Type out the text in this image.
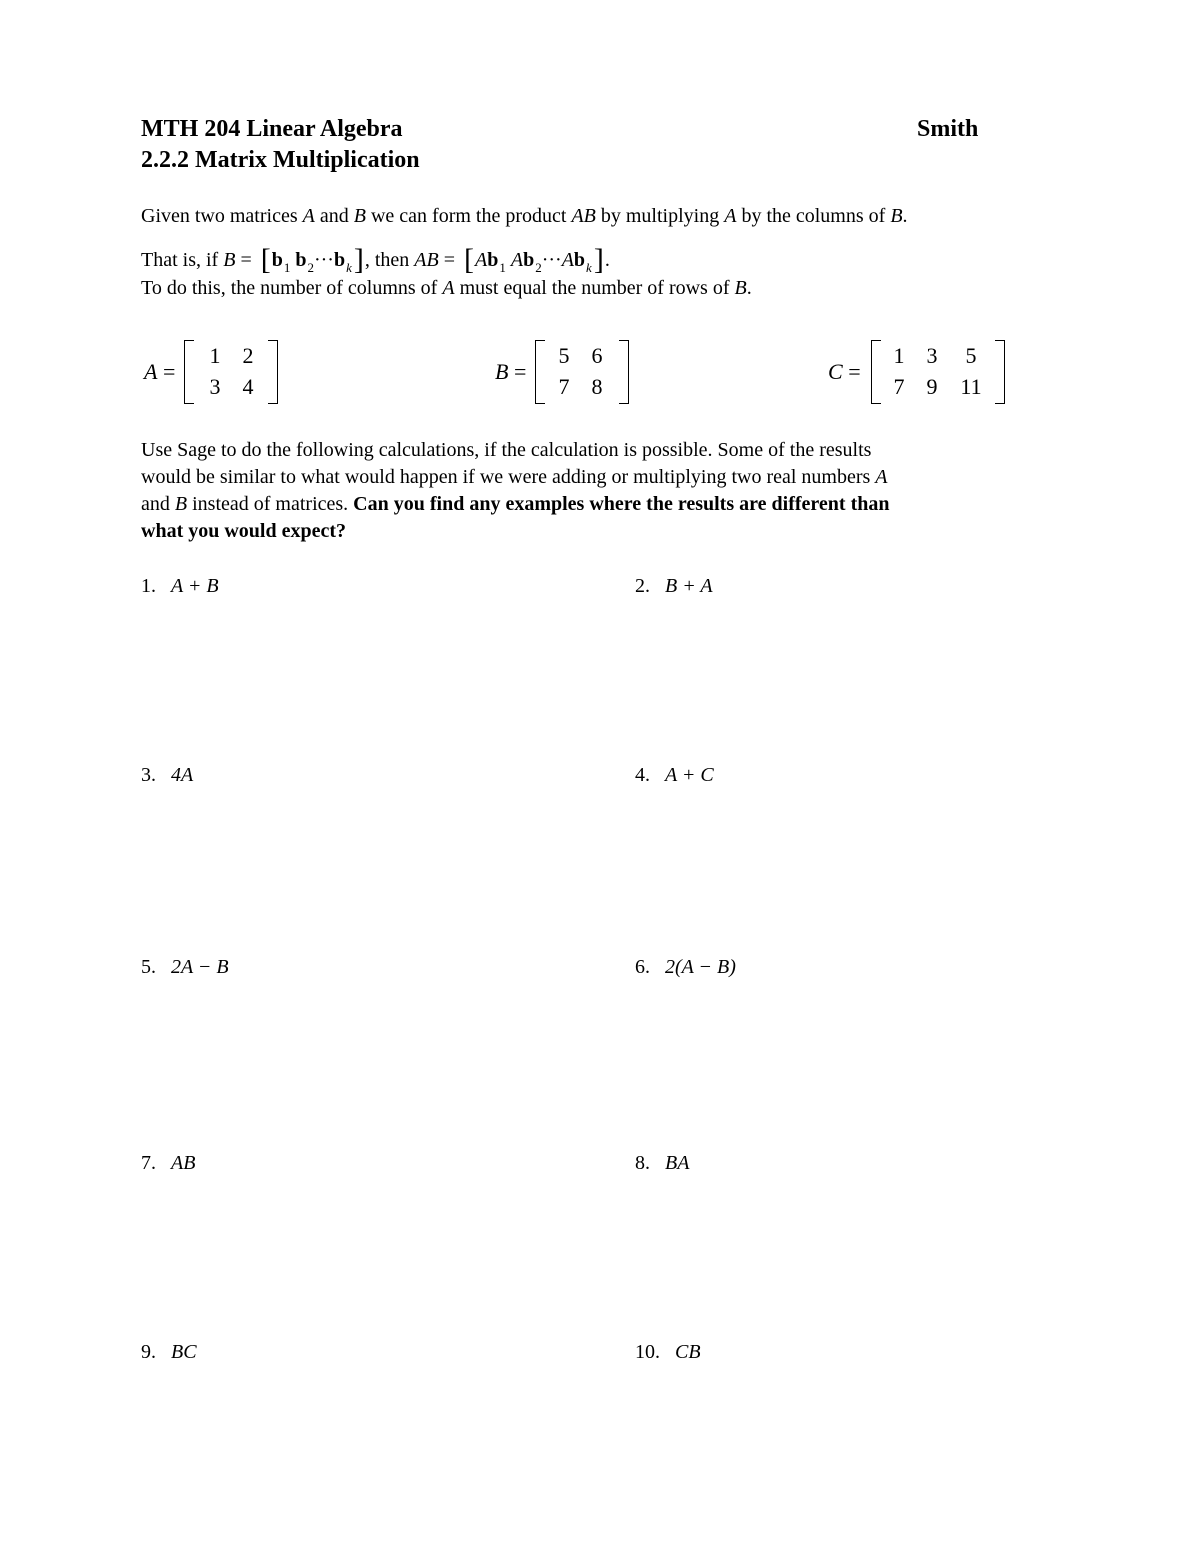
MTH 204 Linear Algebra
2.2.2 Matrix Multiplication
Smith
Given two matrices A and B we can form the product AB by multiplying A by the columns of B.
That is, if $B = [b_1$ $b_2\cdot\cdot\cdot b_k$], then AB = [$Ab_1$ $Ab_2\cdot\cdot\cdot Ab_k$].
To do this, the number of columns of A must equal the number of rows of B.
A =
1	2
3	4
B =
5	6
7	8
C =
1	3	5
7	9	11
Use Sage to do the following calculations, if the calculation is possible. Some of the results
would be similar to what would happen if we were adding or multiplying two real numbers A
and B instead of matrices. Can you find any examples where the results are different than
what you would expect?
1. A + B	2. B + A
3. 4A	4. A + C
5. 2A − B	6. 2(A − B)
7. AB	8. BA
9. BC	10. CB
